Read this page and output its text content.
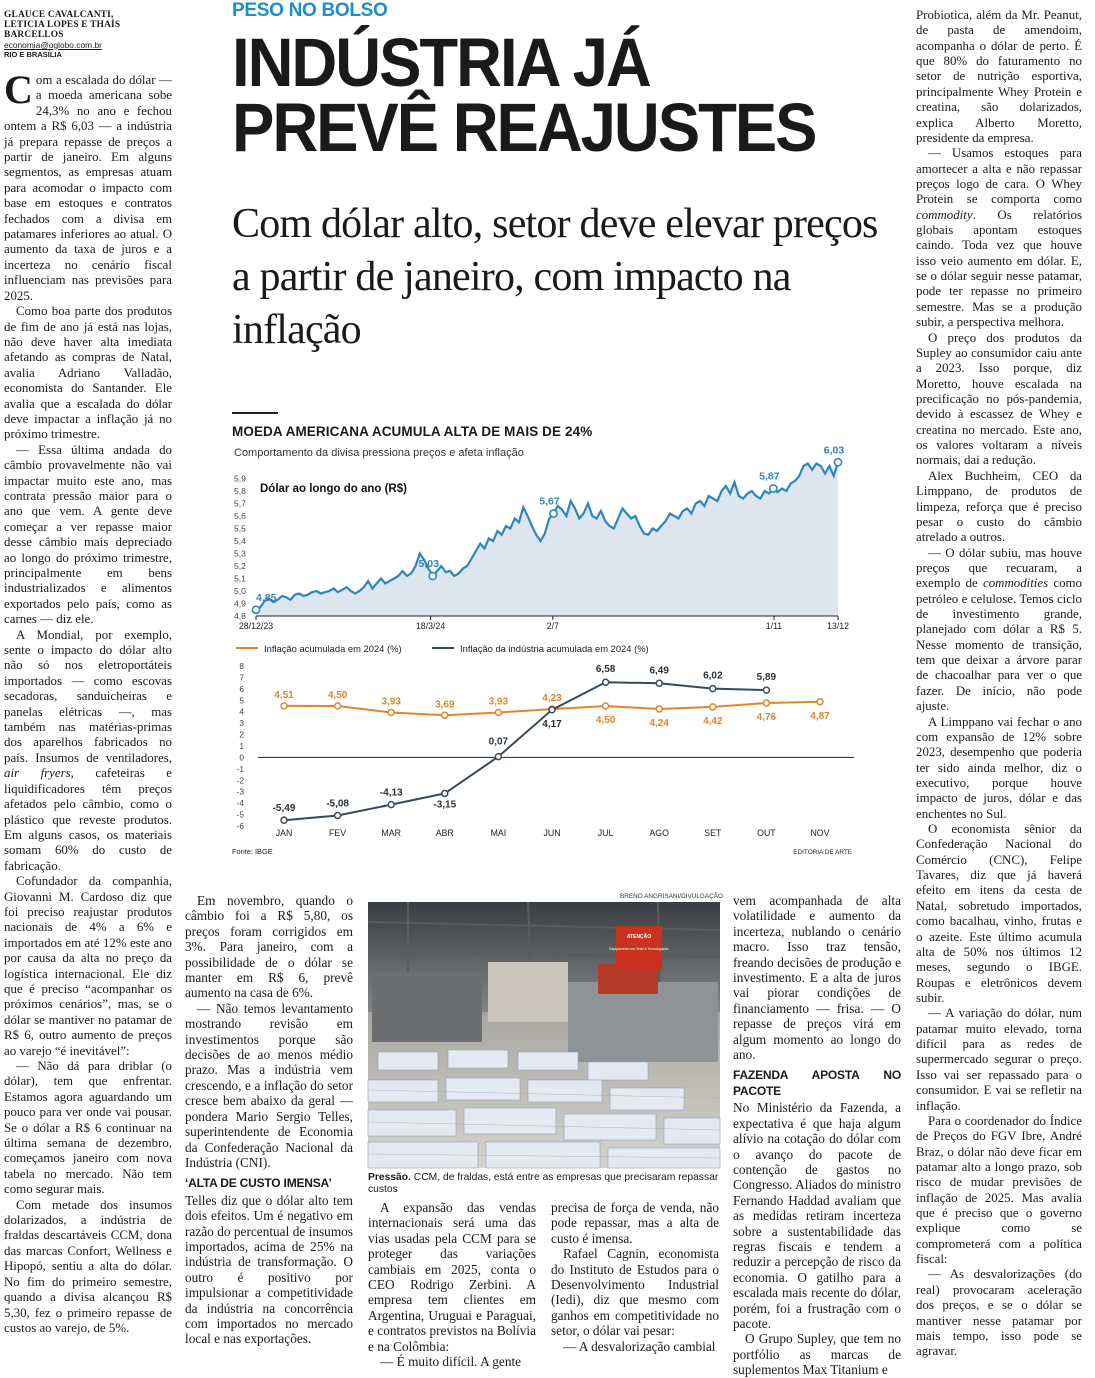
GLAUCE CAVALCANTI,
LETICIA LOPES E THAÍS BARCELLOS
economia@oglobo.com.br
RIO E BRASÍLIA

Com a escalada do dólar — a moeda americana sobe 24,3% no ano e fechou ontem a R$ 6,03 — a indústria já prepara repasse de preços a partir de janeiro. Em alguns segmentos, as empresas atuam para acomodar o impacto com base em estoques e contratos fechados com a divisa em patamares inferiores ao atual. O aumento da taxa de juros e a incerteza no cenário fiscal influenciam nas previsões para 2025.

Como boa parte dos produtos de fim de ano já está nas lojas, não deve haver alta imediata afetando as compras de Natal, avalia Adriano Valladão, economista do Santander. Ele avalia que a escalada do dólar deve impactar a inflação já no próximo trimestre.

— Essa última andada do câmbio provavelmente não vai impactar muito este ano, mas contrata pressão maior para o ano que vem. A gente deve começar a ver repasse maior desse câmbio mais depreciado ao longo do próximo trimestre, principalmente em bens industrializados e alimentos exportados pelo país, como as carnes — diz ele.

A Mondial, por exemplo, sente o impacto do dólar alto não só nos eletroportáteis importados — como escovas secadoras, sanduicheiras e panelas elétricas —, mas também nas matérias-primas dos aparelhos fabricados no país. Insumos de ventiladores, air fryers, cafeteiras e liquidificadores têm preços afetados pelo câmbio, como o plástico que reveste produtos. Em alguns casos, os materiais somam 60% do custo de fabricação.

Cofundador da companhia, Giovanni M. Cardoso diz que foi preciso reajustar produtos nacionais de 4% a 6% e importados em até 12% este ano por causa da alta no preço da logística internacional. Ele diz que é preciso “acompanhar os próximos cenários”, mas, se o dólar se mantiver no patamar de R$ 6, outro aumento de preços ao varejo “é inevitável”:

— Não dá para driblar (o dólar), tem que enfrentar. Estamos agora aguardando um pouco para ver onde vai pousar. Se o dólar a R$ 6 continuar na última semana de dezembro, começamos janeiro com nova tabela no mercado. Não tem como segurar mais.

Com metade dos insumos dolarizados, a indústria de fraldas descartáveis CCM, dona das marcas Confort, Wellness e Hipopó, sentiu a alta do dólar. No fim do primeiro semestre, quando a divisa alcançou R$ 5,30, fez o primeiro repasse de custos ao varejo, de 5%.

PESO NO BOLSO
INDÚSTRIA JÁ
PREVÊ REAJUSTES
Com dólar alto, setor deve elevar preços a partir de janeiro, com impacto na inflação
MOEDA AMERICANA ACUMULA ALTA DE MAIS DE 24%
Comportamento da divisa pressiona preços e afeta inflação
5,9
5,8
5,7
5,6
5,5
5,4
5,3
5,2
5,1
5,0
4,9
4,8
Dólar ao longo do ano (R$)
28/12/23	18/3/24	2/7	1/11	13/12
4,85
5,03
5,67
5,87
6,03
Inflação acumulada em 2024 (%)	Inflação da indústria acumulada em 2024 (%)
8
7
6
5
4
3
2
1
0
-1
-2
-3
-4
-5
-6
JAN	FEV	MAR	ABR	MAI	JUN	JUL	AGO	SET	OUT	NOV
4,51	4,50
3,93	3,69	3,93	4,23
4,50	4,24	4,42	4,76	4,87
-5,49	-5,08
-4,13
-3,15
0,07
4,17
6,58	6,49	6,02	5,89
Fonte: IBGE	EDITORIA DE ARTE

Em novembro, quando o câmbio foi a R$ 5,80, os preços foram corrigidos em 3%. Para janeiro, com a possibilidade de o dólar se manter em R$ 6, prevê aumento na casa de 6%.

— Não temos levantamento mostrando revisão em investimentos porque são decisões de ao menos médio prazo. Mas a indústria vem crescendo, e a inflação do setor cresce bem abaixo da geral — pondera Mario Sergio Telles, superintendente de Economia da Confederação Nacional da Indústria (CNI).

‘ALTA DE CUSTO IMENSA’

Telles diz que o dólar alto tem dois efeitos. Um é negativo em razão do percentual de insumos importados, acima de 25% na indústria de transformação. O outro é positivo por impulsionar a competitividade da indústria na concorrência com importados no mercado local e nas exportações.

BRENO ANGRISANI/DIVULGAÇÃO
ATENÇÃO
Equipamento em Teste e Homologação
Pressão. CCM, de fraldas, está entre as empresas que precisaram repassar custos

A expansão das vendas internacionais será uma das vias usadas pela CCM para se proteger das variações cambiais em 2025, conta o CEO Rodrigo Zerbini. A empresa tem clientes em Argentina, Uruguai e Paraguai, e contratos previstos na Bolívia e na Colômbia:

— É muito difícil. A gente

precisa de força de venda, não pode repassar, mas a alta de custo é imensa.

Rafael Cagnin, economista do Instituto de Estudos para o Desenvolvimento Industrial (Iedi), diz que mesmo com ganhos em competitividade no setor, o dólar vai pesar:

— A desvalorização cambial

vem acompanhada de alta volatilidade e aumento da incerteza, nublando o cenário macro. Isso traz tensão, freando decisões de produção e investimento. E a alta de juros vai piorar condições de financiamento — frisa. — O repasse de preços virá em algum momento ao longo do ano.

FAZENDA APOSTA NO PACOTE

No Ministério da Fazenda, a expectativa é que haja algum alívio na cotação do dólar com o avanço do pacote de contenção de gastos no Congresso. Aliados do ministro Fernando Haddad avaliam que as medidas retiram incerteza sobre a sustentabilidade das regras fiscais e tendem a reduzir a percepção de risco da economia. O gatilho para a escalada mais recente do dólar, porém, foi a frustração com o pacote.

O Grupo Supley, que tem no portfólio as marcas de suplementos Max Titanium e

Probiotica, além da Mr. Peanut, de pasta de amendoim, acompanha o dólar de perto. É que 80% do faturamento no setor de nutrição esportiva, principalmente Whey Protein e creatina, são dolarizados, explica Alberto Moretto, presidente da empresa.

— Usamos estoques para amortecer a alta e não repassar preços logo de cara. O Whey Protein se comporta como commodity. Os relatórios globais apontam estoques caindo. Toda vez que houve isso veio aumento em dólar. E, se o dólar seguir nesse patamar, pode ter repasse no primeiro semestre. Mas se a produção subir, a perspectiva melhora.

O preço dos produtos da Supley ao consumidor caiu ante a 2023. Isso porque, diz Moretto, houve escalada na precificação no pós-pandemia, devido à escassez de Whey e creatina no mercado. Este ano, os valores voltaram a níveis normais, dai a redução.

Alex Buchheim, CEO da Limppano, de produtos de limpeza, reforça que é preciso pesar o custo do câmbio atrelado a outros.

— O dólar subiu, mas houve preços que recuaram, a exemplo de commodities como petróleo e celulose. Temos ciclo de investimento grande, planejado com dólar a R$ 5. Nesse momento de transição, tem que deixar a árvore parar de chacoalhar para ver o que fazer. De início, não pode ajuste.

A Limppano vai fechar o ano com expansão de 12% sobre 2023, desempenho que poderia ter sido ainda melhor, diz o executivo, porque houve impacto de juros, dólar e das enchentes no Sul.

O economista sênior da Confederação Nacional do Comércio (CNC), Felipe Tavares, diz que já haverá efeito em itens da cesta de Natal, sobretudo importados, como bacalhau, vinho, frutas e o azeite. Este último acumula alta de 50% nos últimos 12 meses, segundo o IBGE. Roupas e eletrônicos devem subir.

— A variação do dólar, num patamar muito elevado, torna difícil para as redes de supermercado segurar o preço. Isso vai ser repassado para o consumidor. E vai se refletir na inflação.

Para o coordenador do Índice de Preços do FGV Ibre, André Braz, o dólar não deve ficar em patamar alto a longo prazo, sob risco de mudar previsões de inflação de 2025. Mas avalia que é preciso que o governo explique como se comprometerá com a política fiscal:

— As desvalorizações (do real) provocaram aceleração dos preços, e se o dólar se mantiver nesse patamar por mais tempo, isso pode se agravar.
